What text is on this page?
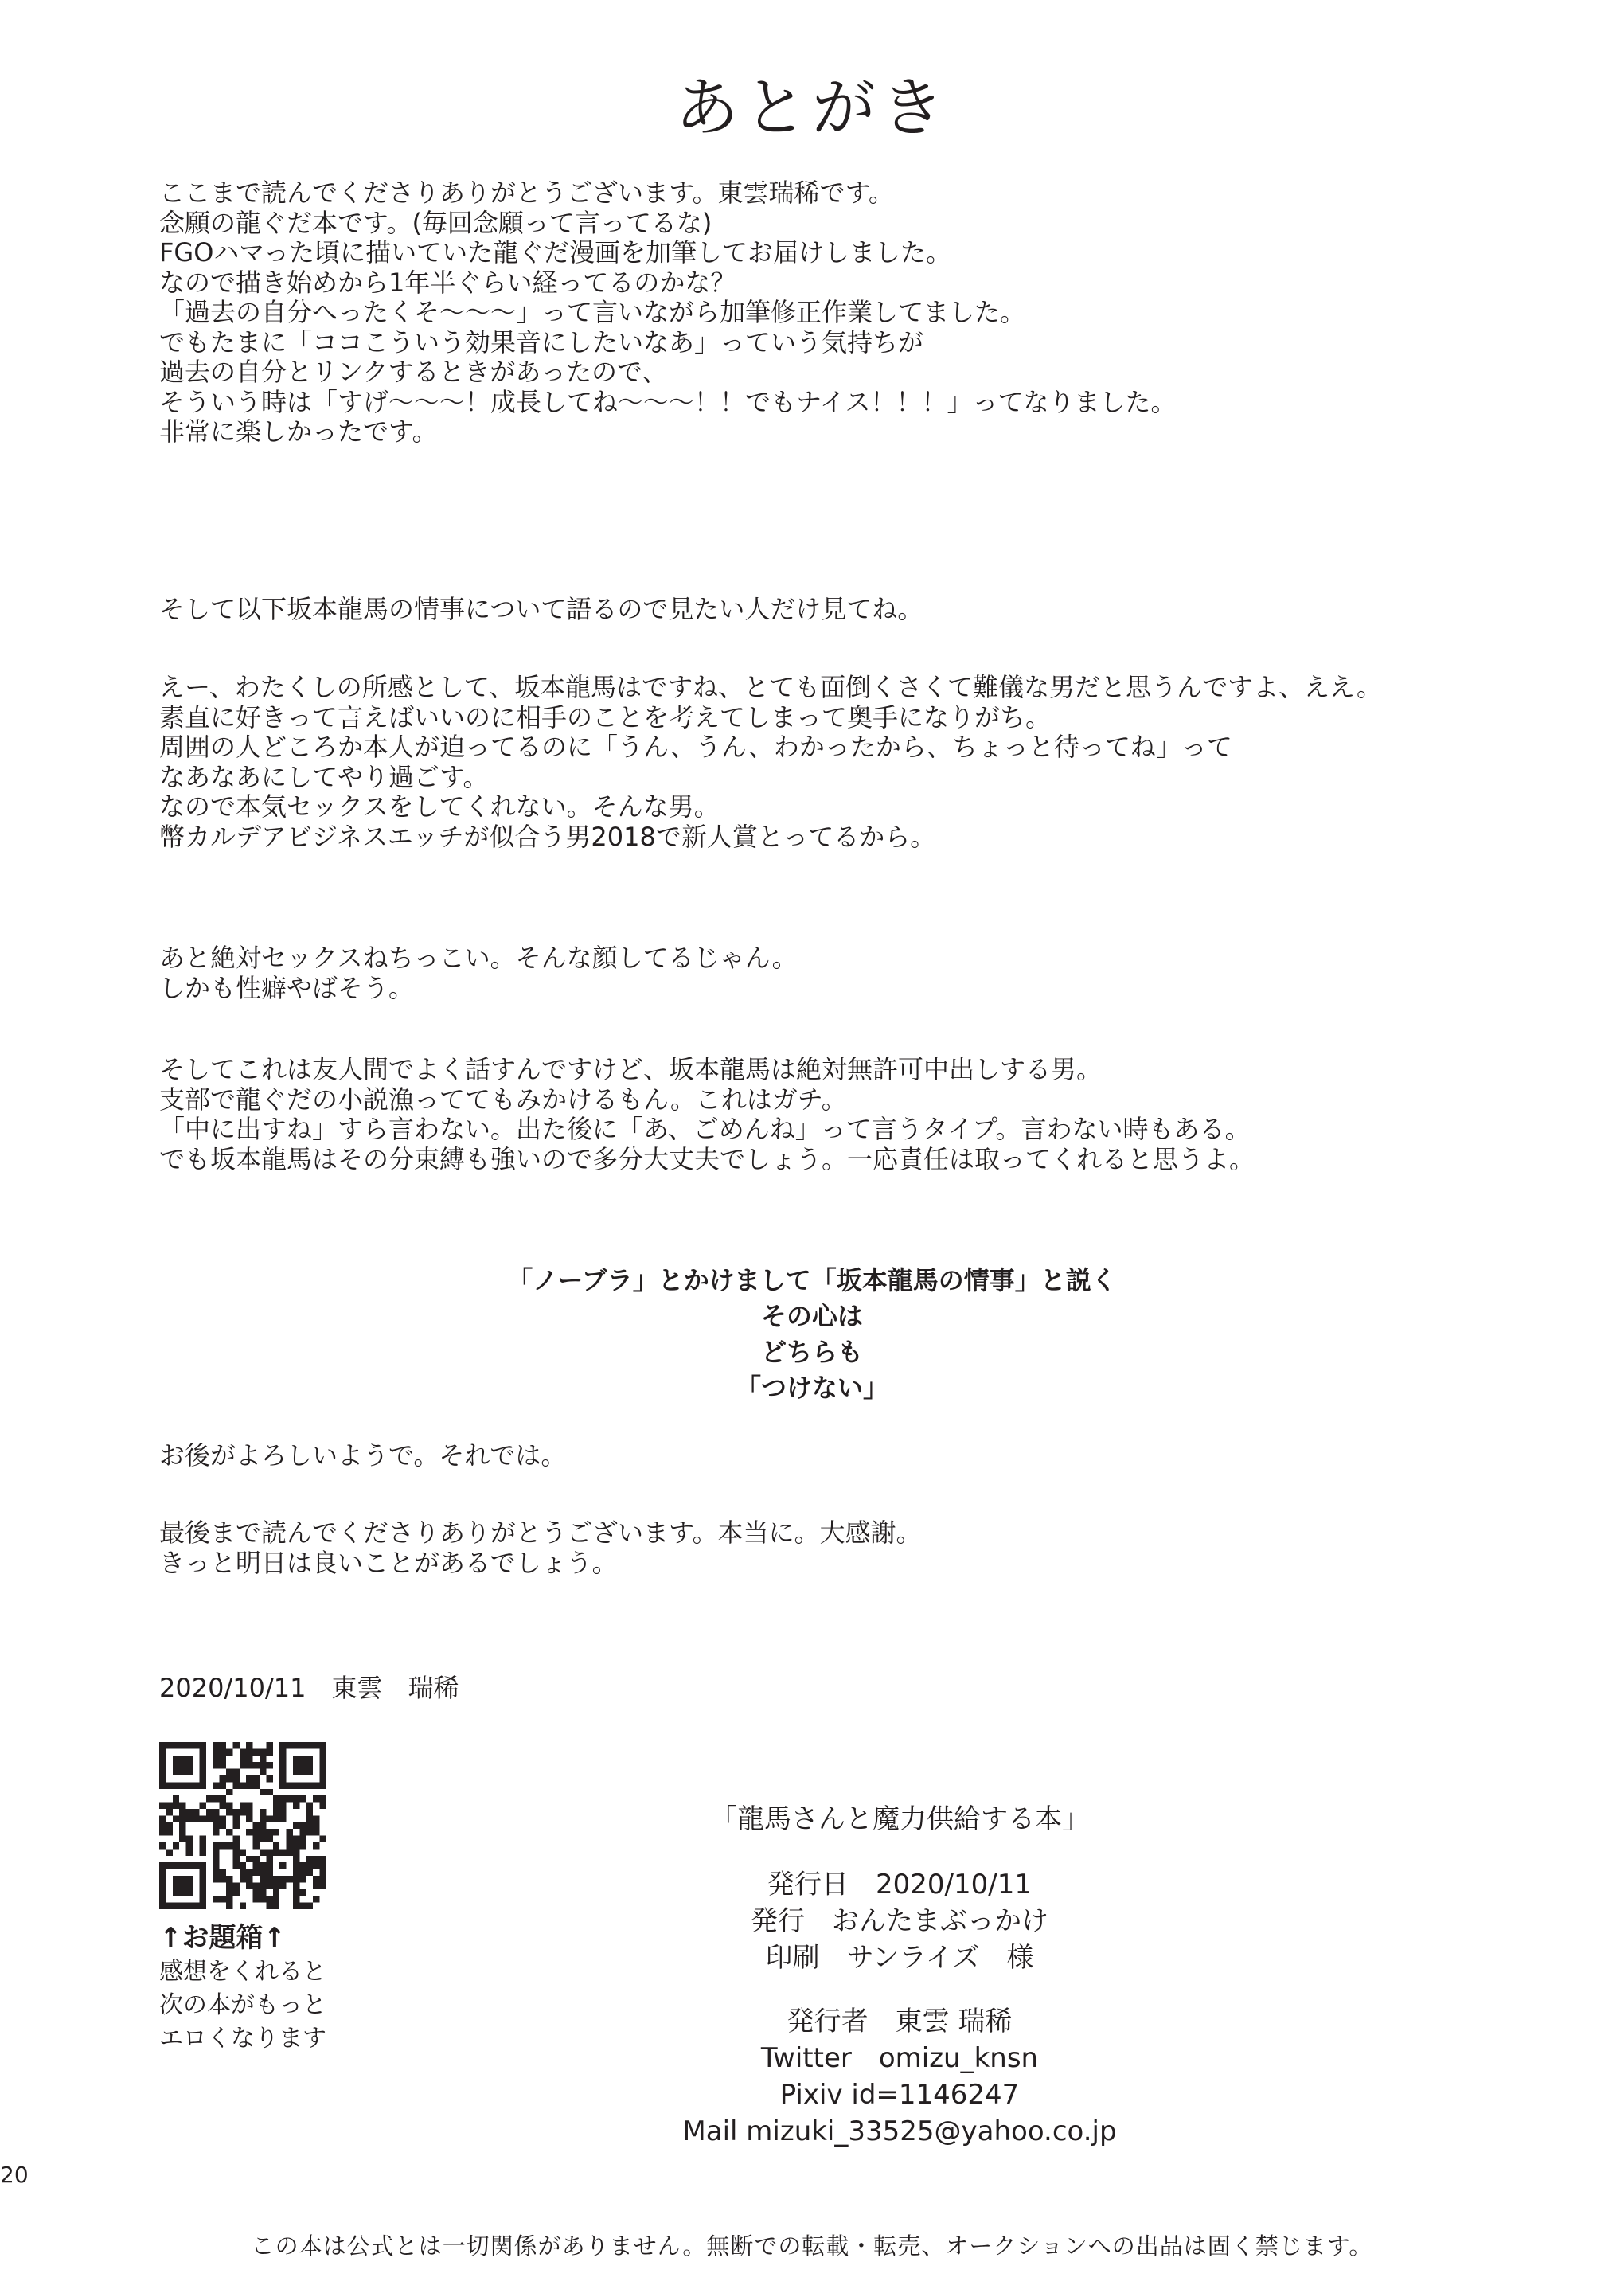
あとがき
ここまで読んでくださりありがとうございます。東雲瑞稀です。
念願の龍ぐだ本です。(毎回念願って言ってるな)
FGOハマった頃に描いていた龍ぐだ漫画を加筆してお届けしました。
なので描き始めから1年半ぐらい経ってるのかな？
「過去の自分へったくそ〜〜〜」って言いながら加筆修正作業してました。
でもたまに「ココこういう効果音にしたいなあ」っていう気持ちが
過去の自分とリンクするときがあったので、
そういう時は「すげ〜〜〜！成長してね〜〜〜！！でもナイス！！！」ってなりました。
非常に楽しかったです。
そして以下坂本龍馬の情事について語るので見たい人だけ見てね。
えー、わたくしの所感として、坂本龍馬はですね、とても面倒くさくて難儀な男だと思うんですよ、ええ。
素直に好きって言えばいいのに相手のことを考えてしまって奥手になりがち。
周囲の人どころか本人が迫ってるのに「うん、うん、わかったから、ちょっと待ってね」って
なあなあにしてやり過ごす。
なので本気セックスをしてくれない。そんな男。
幣カルデアビジネスエッチが似合う男2018で新人賞とってるから。
あと絶対セックスねちっこい。そんな顔してるじゃん。
しかも性癖やばそう。
そしてこれは友人間でよく話すんですけど、坂本龍馬は絶対無許可中出しする男。
支部で龍ぐだの小説漁っててもみかけるもん。これはガチ。
「中に出すね」すら言わない。出た後に「あ、ごめんね」って言うタイプ。言わない時もある。
でも坂本龍馬はその分束縛も強いので多分大丈夫でしょう。一応責任は取ってくれると思うよ。
「ノーブラ」とかけまして「坂本龍馬の情事」と説く
その心は
どちらも
「つけない」
お後がよろしいようで。それでは。
最後まで読んでくださりありがとうございます。本当に。大感謝。
きっと明日は良いことがあるでしょう。
2020/10/11　東雲　瑞稀
↑お題箱↑
感想をくれると
次の本がもっと
エロくなります
「龍馬さんと魔力供給する本」
発行日　2020/10/11
発行　おんたまぶっかけ
印刷　サンライズ　様
発行者　東雲 瑞稀
Twitter　omizu_knsn
Pixiv id=1146247
Mail mizuki_33525@yahoo.co.jp
20
この本は公式とは一切関係がありません。無断での転載・転売、オークションへの出品は固く禁じます。
